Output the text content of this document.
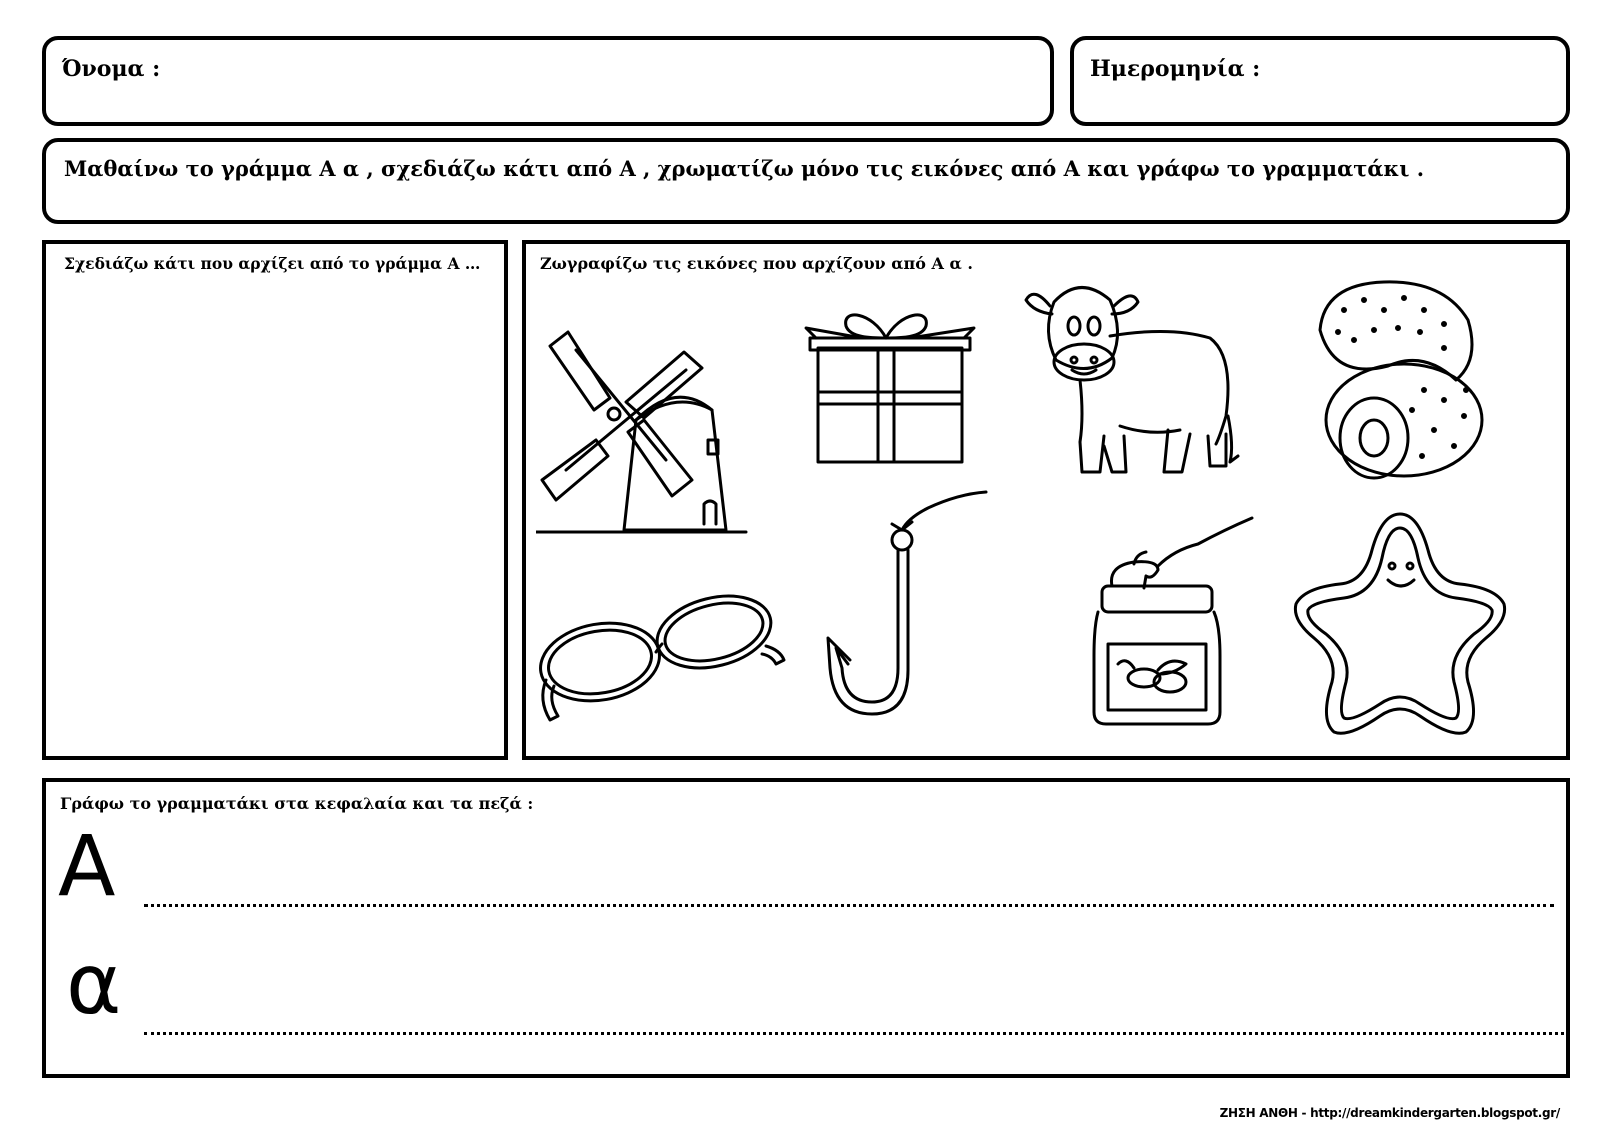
Όνομα :	Ημερομηνία :
Μαθαίνω το γράμμα Α α , σχεδιάζω κάτι από Α , χρωματίζω μόνο τις εικόνες από Α και γράφω το γραμματάκι .
Σχεδιάζω κάτι που αρχίζει από το γράμμα Α …	Ζωγραφίζω τις εικόνες που αρχίζουν από Α α .
Γράφω το γραμματάκι στα κεφαλαία και τα πεζά :
Α
α
ΖΗΣΗ ΑΝΘΗ - http://dreamkindergarten.blogspot.gr/
